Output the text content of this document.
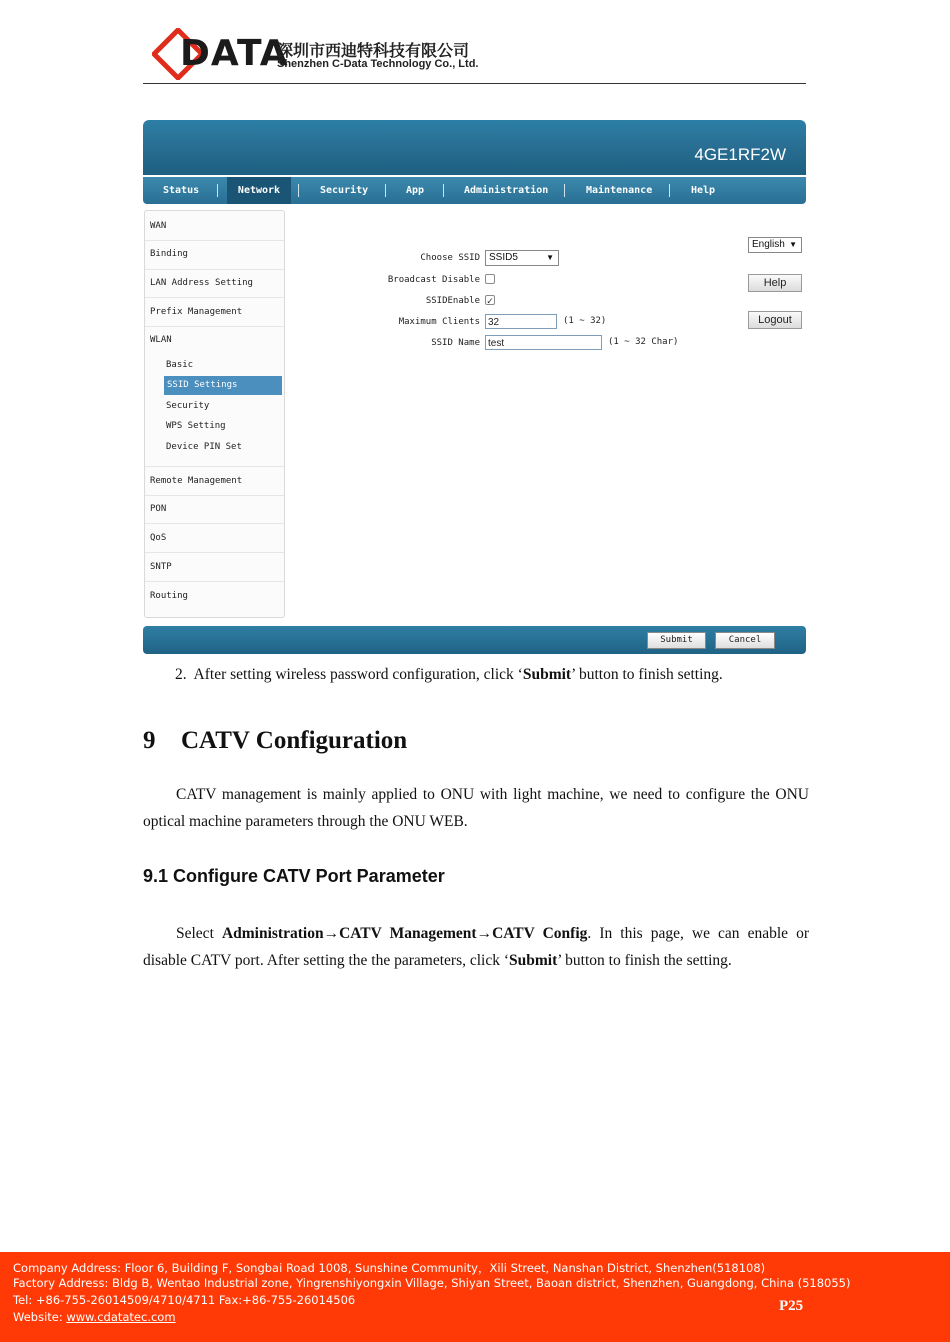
DATA
深圳市西迪特科技有限公司
Shenzhen C-Data Technology Co., Ltd.
4GE1RF2W
Status	Network	Security	App	Administration	Maintenance	Help
WAN
Binding
LAN Address Setting
Prefix Management
WLAN
Basic
SSID Settings
Security
WPS Setting
Device PIN Set
Remote Management
PON
QoS
SNTP
Routing
Choose SSID SSID5	▼
Broadcast Disable
SSIDEnable ✓
Maximum Clients 32	(1 ~ 32)
SSID Name test	(1 ~ 32 Char)
English ▼
Help
Logout
Submit	Cancel
2. After setting wireless password configuration, click ‘Submit’ button to finish setting.
9 CATV Configuration
CATV management is mainly applied to ONU with light machine, we need to configure the ONU optical machine parameters through the ONU WEB.
9.1 Configure CATV Port Parameter
Select Administration→CATV Management→CATV Config. In this page, we can enable or disable CATV port. After setting the the parameters, click ‘Submit’ button to finish the setting.
Company Address: Floor 6, Building F, Songbai Road 1008, Sunshine Community，Xili Street, Nanshan District, Shenzhen(518108)
Factory Address: Bldg B, Wentao Industrial zone, Yingrenshiyongxin Village, Shiyan Street, Baoan district, Shenzhen, Guangdong, China (518055)
Tel: +86-755-26014509/4710/4711 Fax:+86-755-26014506
Website: www.cdatatec.com
P25
